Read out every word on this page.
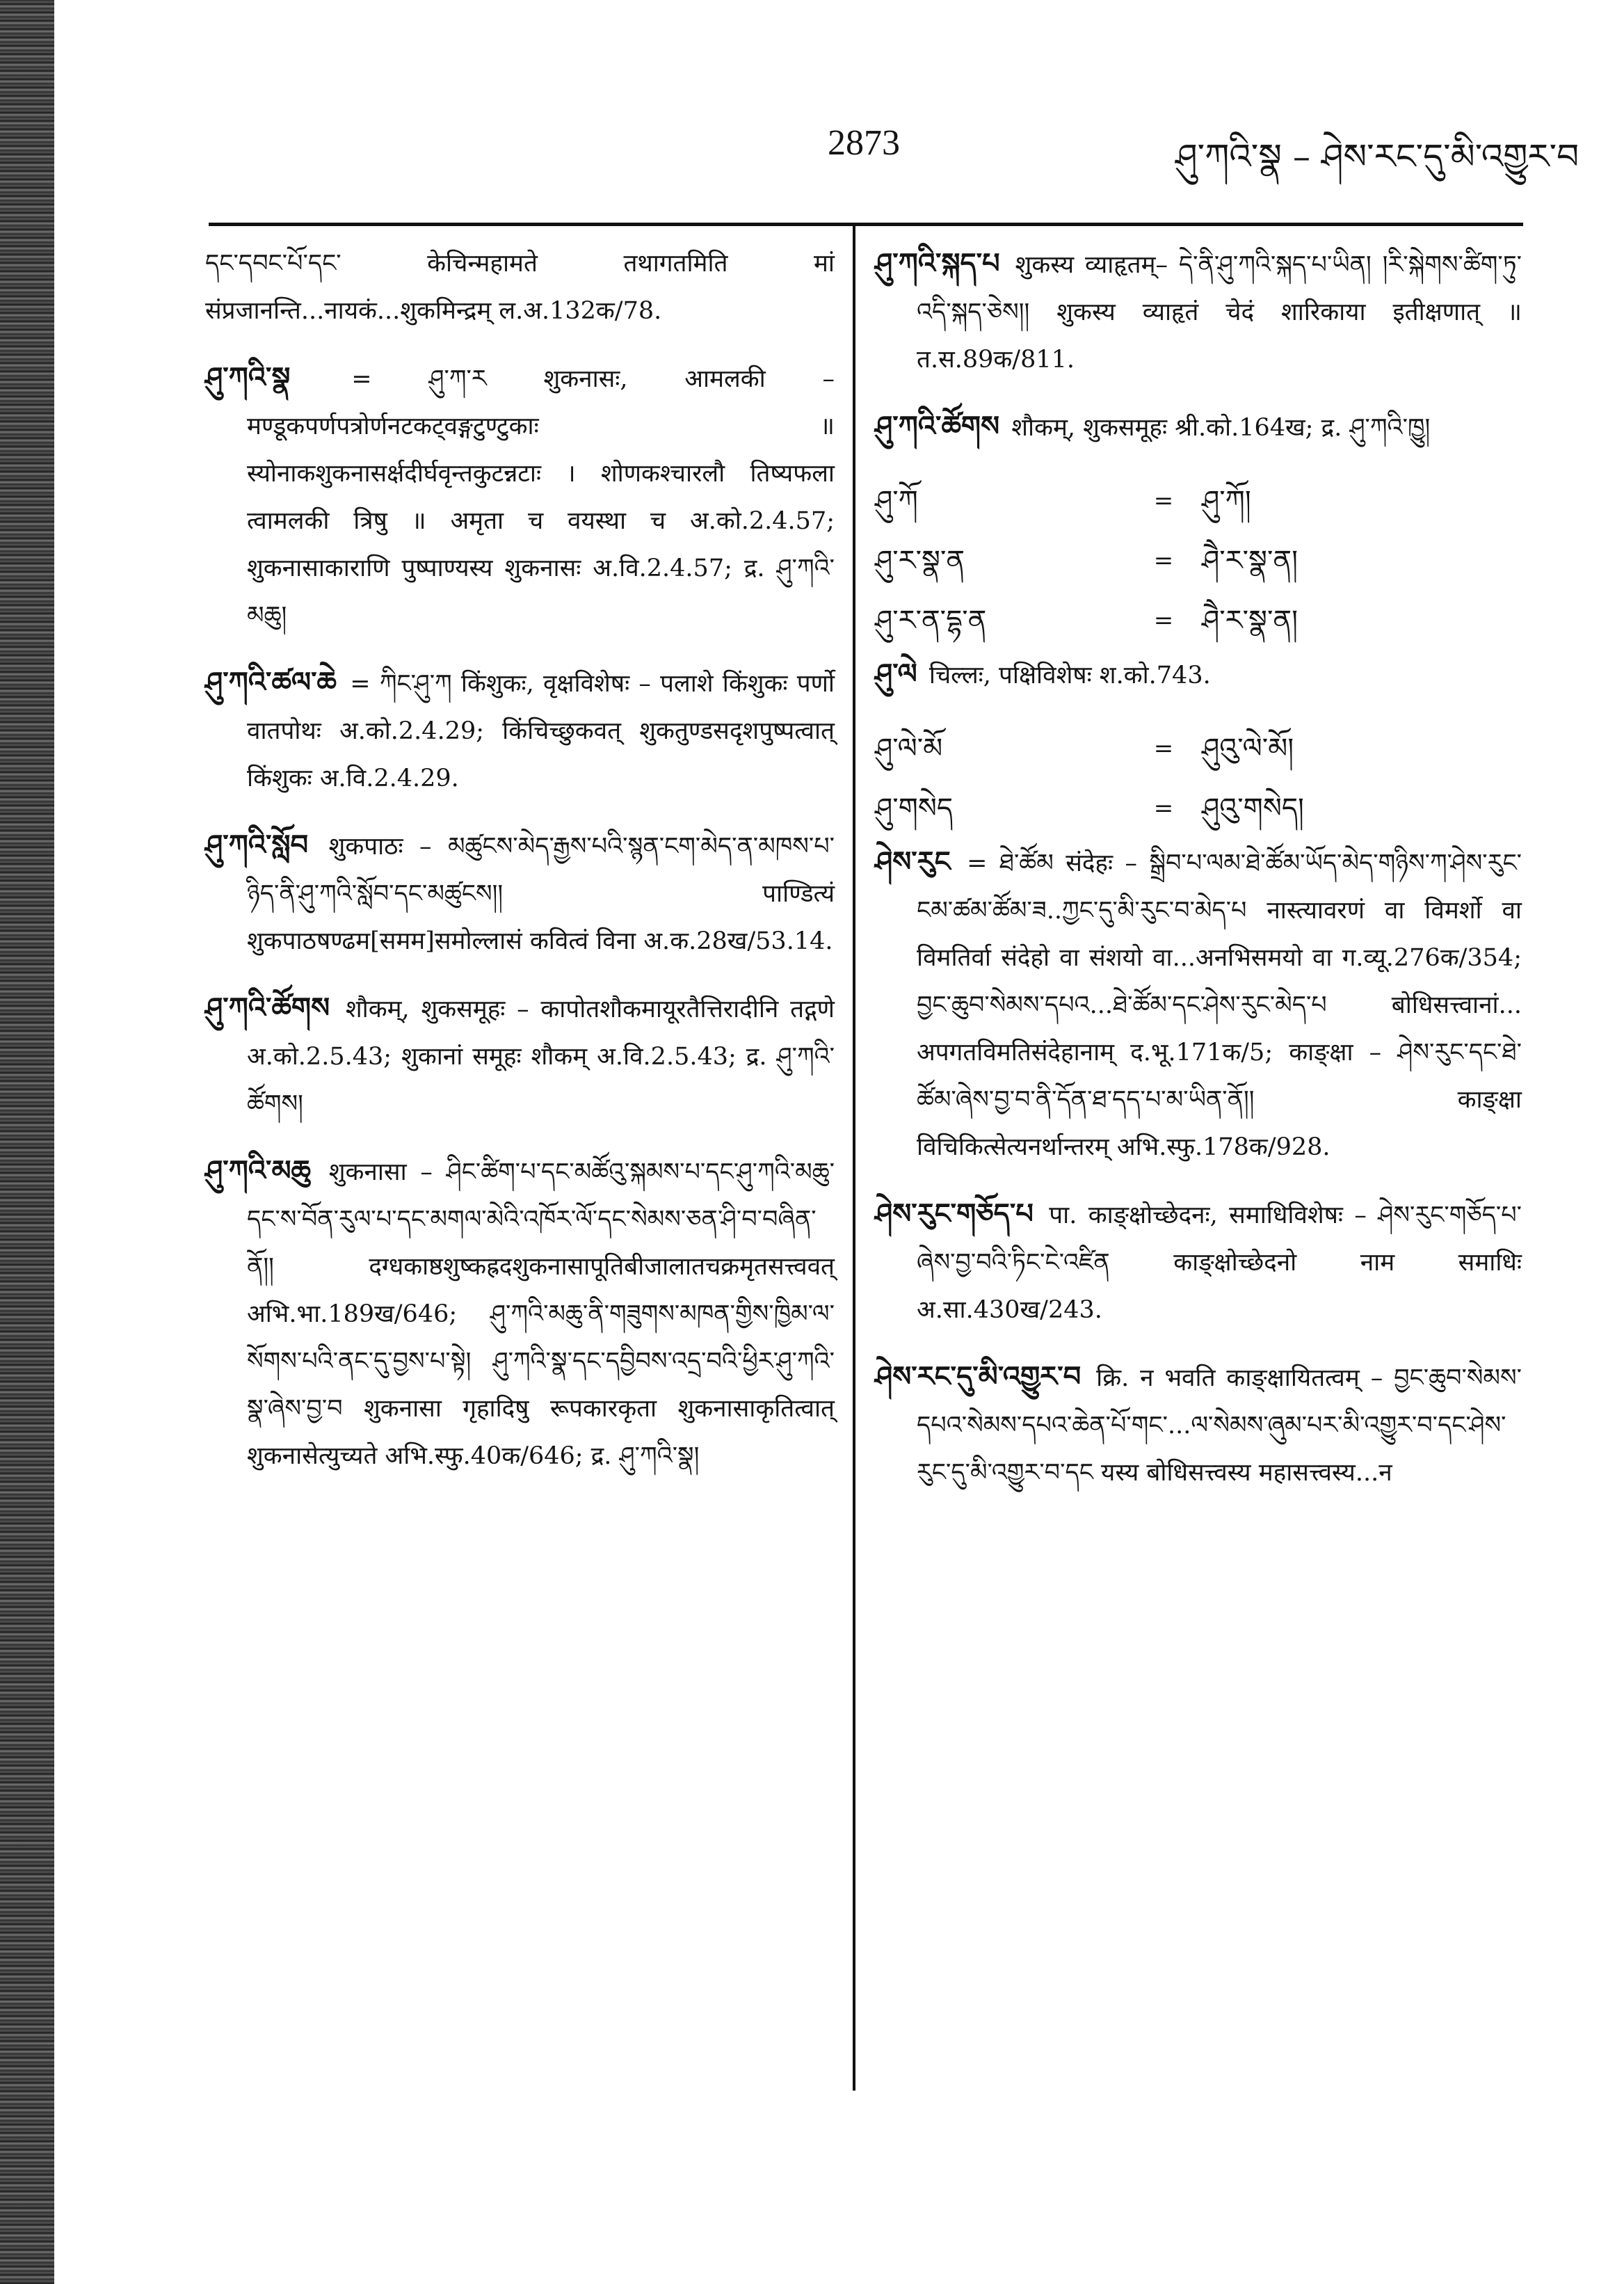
2873	ཤུ་ཀའི་སྣ – ཤེས་རང་དུ་མི་འགྱུར་བ

དང་དབང་པོ་དང་ केचिन्महामते तथागतमिति मां संप्रजानन्ति...नायकं...शुकमिन्द्रम् ल.अ.132क/78.

ཤུ་ཀའི་སྣ	= ཤུ་ཀ་ར शुकनासः, आमलकी – मण्डूकपर्णपत्रोर्णनटकट्वङ्गटुण्टुकाः ॥ स्योनाकशुकनासर्क्षदीर्घवृन्तकुटन्नटाः । शोणकश्चारलौ तिष्यफला त्वामलकी त्रिषु ॥ अमृता च वयस्था च अ.को.2.4.57; शुकनासाकाराणि पुष्पाण्यस्य शुकनासः अ.वि.2.4.57; द्र. ཤུ་ཀའི་མཆུ།

ཤུ་ཀའི་ཚལ་ཆེ = ཀིང་ཤུ་ཀ किंशुकः, वृक्षविशेषः – पलाशे किंशुकः पर्णो वातपोथः अ.को.2.4.29; किंचिच्छुकवत् शुकतुण्डसदृशपुष्पत्वात् किंशुकः अ.वि.2.4.29.

ཤུ་ཀའི་སློབ शुकपाठः – མཚུངས་མེད་རྒྱས་པའི་སྙན་ངག་མེད་ན་མཁས་པ་ཉིད་ནི་ཤུ་ཀའི་སློབ་དང་མཚུངས།། पाण्डित्यं शुकपाठषण्ढम[समम]समोल्लासं कवित्वं विना अ.क.28ख/53.14.

ཤུ་ཀའི་ཚོགས शौकम्, शुकसमूहः – कापोतशौकमायूरतैत्तिरादीनि तद्गणे अ.को.2.5.43; शुकानां समूहः शौकम् अ.वि.2.5.43; द्र. ཤུ་ཀའི་ཚོགས།

ཤུ་ཀའི་མཆུ शुकनासा – ཤིང་ཚིག་པ་དང་མཚོའུ་སྐམས་པ་དང་ཤུ་ཀའི་མཆུ་དང་ས་བོན་རུལ་པ་དང་མགལ་མེའི་འཁོར་ལོ་དང་སེམས་ཅན་ཤི་བ་བཞིན་ནོ།། दग्धकाष्ठशुष्कह्रदशुकनासापूतिबीजालातचक्रमृतसत्त्ववत् अभि.भा.189ख/646; ཤུ་ཀའི་མཆུ་ནི་གཟུགས་མཁན་གྱིས་ཁྱིམ་ལ་སོགས་པའི་ནང་དུ་བྱས་པ་སྟེ། ཤུ་ཀའི་སྣ་དང་དབྱིབས་འདྲ་བའི་ཕྱིར་ཤུ་ཀའི་སྣ་ཞེས་བྱ་བ शुकनासा गृहादिषु रूपकारकृता शुकनासाकृतित्वात् शुकनासेत्युच्यते अभि.स्फु.40क/646; द्र. ཤུ་ཀའི་སྣ།

ཤུ་ཀའི་སྐད་པ शुकस्य व्याहृतम्– དེ་ནི་ཤུ་ཀའི་སྐད་པ་ཡིན། །རི་སྐེགས་ཚིག་ཏུ་འདི་སྐད་ཅེས།། शुकस्य व्याहृतं चेदं शारिकाया इतीक्षणात् ॥ त.स.89क/811.

ཤུ་ཀའི་ཚོགས शौकम्, शुकसमूहः श्री.को.164ख; द्र. ཤུ་ཀའི་ཁྱུ།

ཤུ་ཀོ	=	ཤུ་ཀོ།
ཤུ་ར་སྣ་ན	=	ཤཻ་ར་སྣ་ན།
ཤུ་ར་ན་དྷ་ན	=	ཤཻ་ར་སྣ་ན།

ཤུ་ལེ चिल्लः, पक्षिविशेषः श.को.743.

ཤུ་ལེ་མོ	=	ཤུའུ་ལེ་མོ།
ཤུ་གསེད	=	ཤུའུ་གསེད།

ཤེས་རུང = ཐེ་ཚོམ संदेहः – སྒྲིབ་པ་ལམ་ཐེ་ཚོམ་ཡོད་མེད་གཉིས་ཀ་ཤེས་རུང་ངམ་ཚམ་ཚོམ་ཟ..ཀྱང་དུ་མི་རུང་བ་མེད་པ नास्त्यावरणं वा विमर्शो वा विमतिर्वा संदेहो वा संशयो वा...अनभिसमयो वा ग.व्यू.276क/354; བྱང་ཆུབ་སེམས་དཔའ...ཐེ་ཚོམ་དང་ཤེས་རུང་མེད་པ बोधिसत्त्वानां... अपगतविमतिसंदेहानाम् द.भू.171क/5; काङ्क्षा – ཤེས་རུང་དང་ཐེ་ཚོམ་ཞེས་བྱ་བ་ནི་དོན་ཐ་དད་པ་མ་ཡིན་ནོ།། काङ्क्षा विचिकित्सेत्यनर्थान्तरम् अभि.स्फु.178क/928.

ཤེས་རུང་གཅོད་པ पा. काङ्क्षोच्छेदनः, समाधिविशेषः – ཤེས་རུང་གཅོད་པ་ཞེས་བྱ་བའི་ཏིང་ངེ་འཛིན काङ्क्षोच्छेदनो नाम समाधिः अ.सा.430ख/243.

ཤེས་རང་དུ་མི་འགྱུར་བ क्रि. न भवति काङ्क्षायितत्वम् – བྱང་ཆུབ་སེམས་དཔའ་སེམས་དཔའ་ཆེན་པོ་གང་...ལ་སེམས་ཞུམ་པར་མི་འགྱུར་བ་དང་ཤེས་རུང་དུ་མི་འགྱུར་བ་དང यस्य बोधिसत्त्वस्य महासत्त्वस्य...न
